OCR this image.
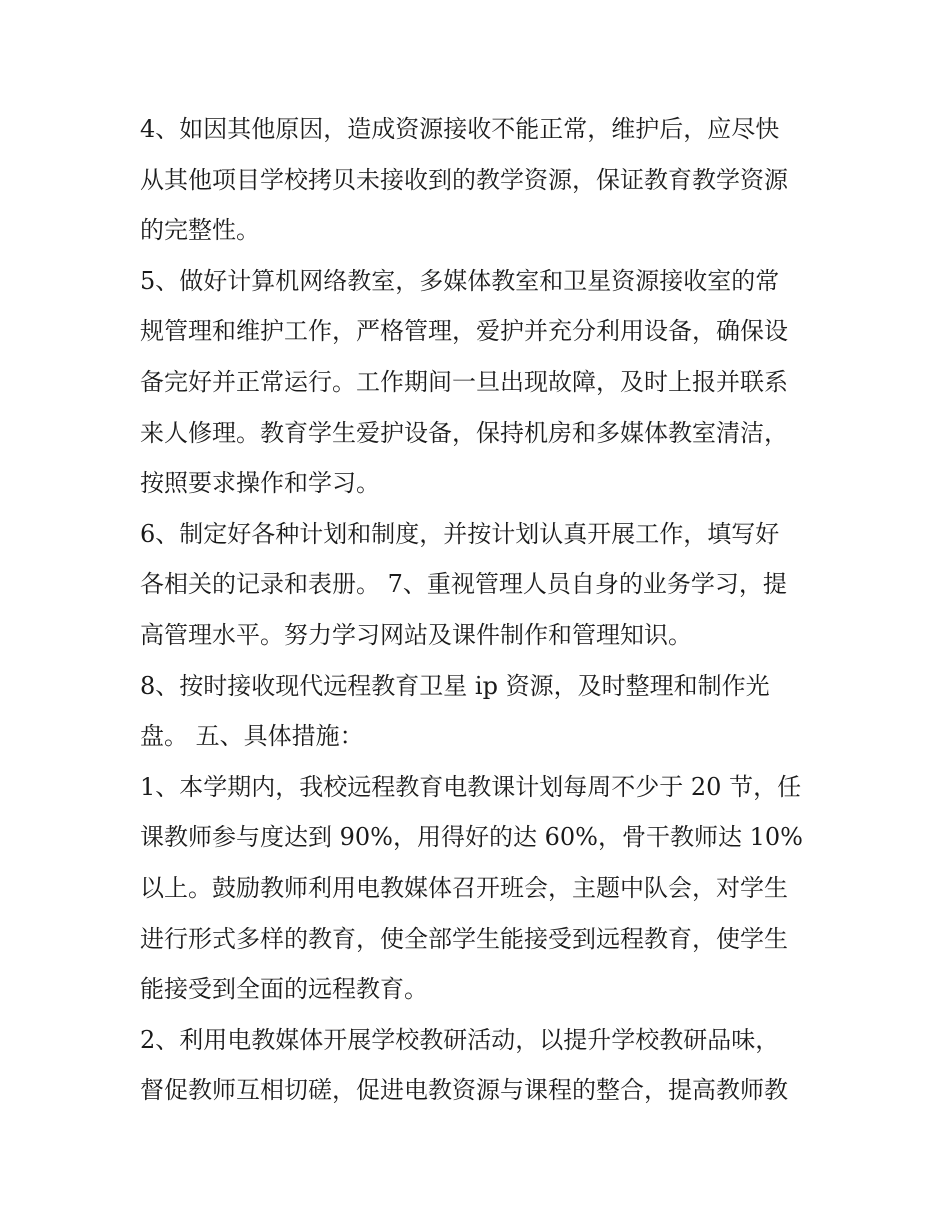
4、如因其他原因，造成资源接收不能正常，维护后，应尽快
从其他项目学校拷贝未接收到的教学资源，保证教育教学资源
的完整性。
5、做好计算机网络教室，多媒体教室和卫星资源接收室的常
规管理和维护工作，严格管理，爱护并充分利用设备，确保设
备完好并正常运行。工作期间一旦出现故障，及时上报并联系
来人修理。教育学生爱护设备，保持机房和多媒体教室清洁，
按照要求操作和学习。
6、制定好各种计划和制度，并按计划认真开展工作，填写好
各相关的记录和表册。 7、重视管理人员自身的业务学习，提
高管理水平。努力学习网站及课件制作和管理知识。
8、按时接收现代远程教育卫星 ip 资源，及时整理和制作光
盘。 五、具体措施：
1、本学期内，我校远程教育电教课计划每周不少于 20 节，任
课教师参与度达到 90%，用得好的达 60%，骨干教师达 10%
以上。鼓励教师利用电教媒体召开班会，主题中队会，对学生
进行形式多样的教育，使全部学生能接受到远程教育，使学生
能接受到全面的远程教育。
2、利用电教媒体开展学校教研活动，以提升学校教研品味，
督促教师互相切磋，促进电教资源与课程的整合，提高教师教
